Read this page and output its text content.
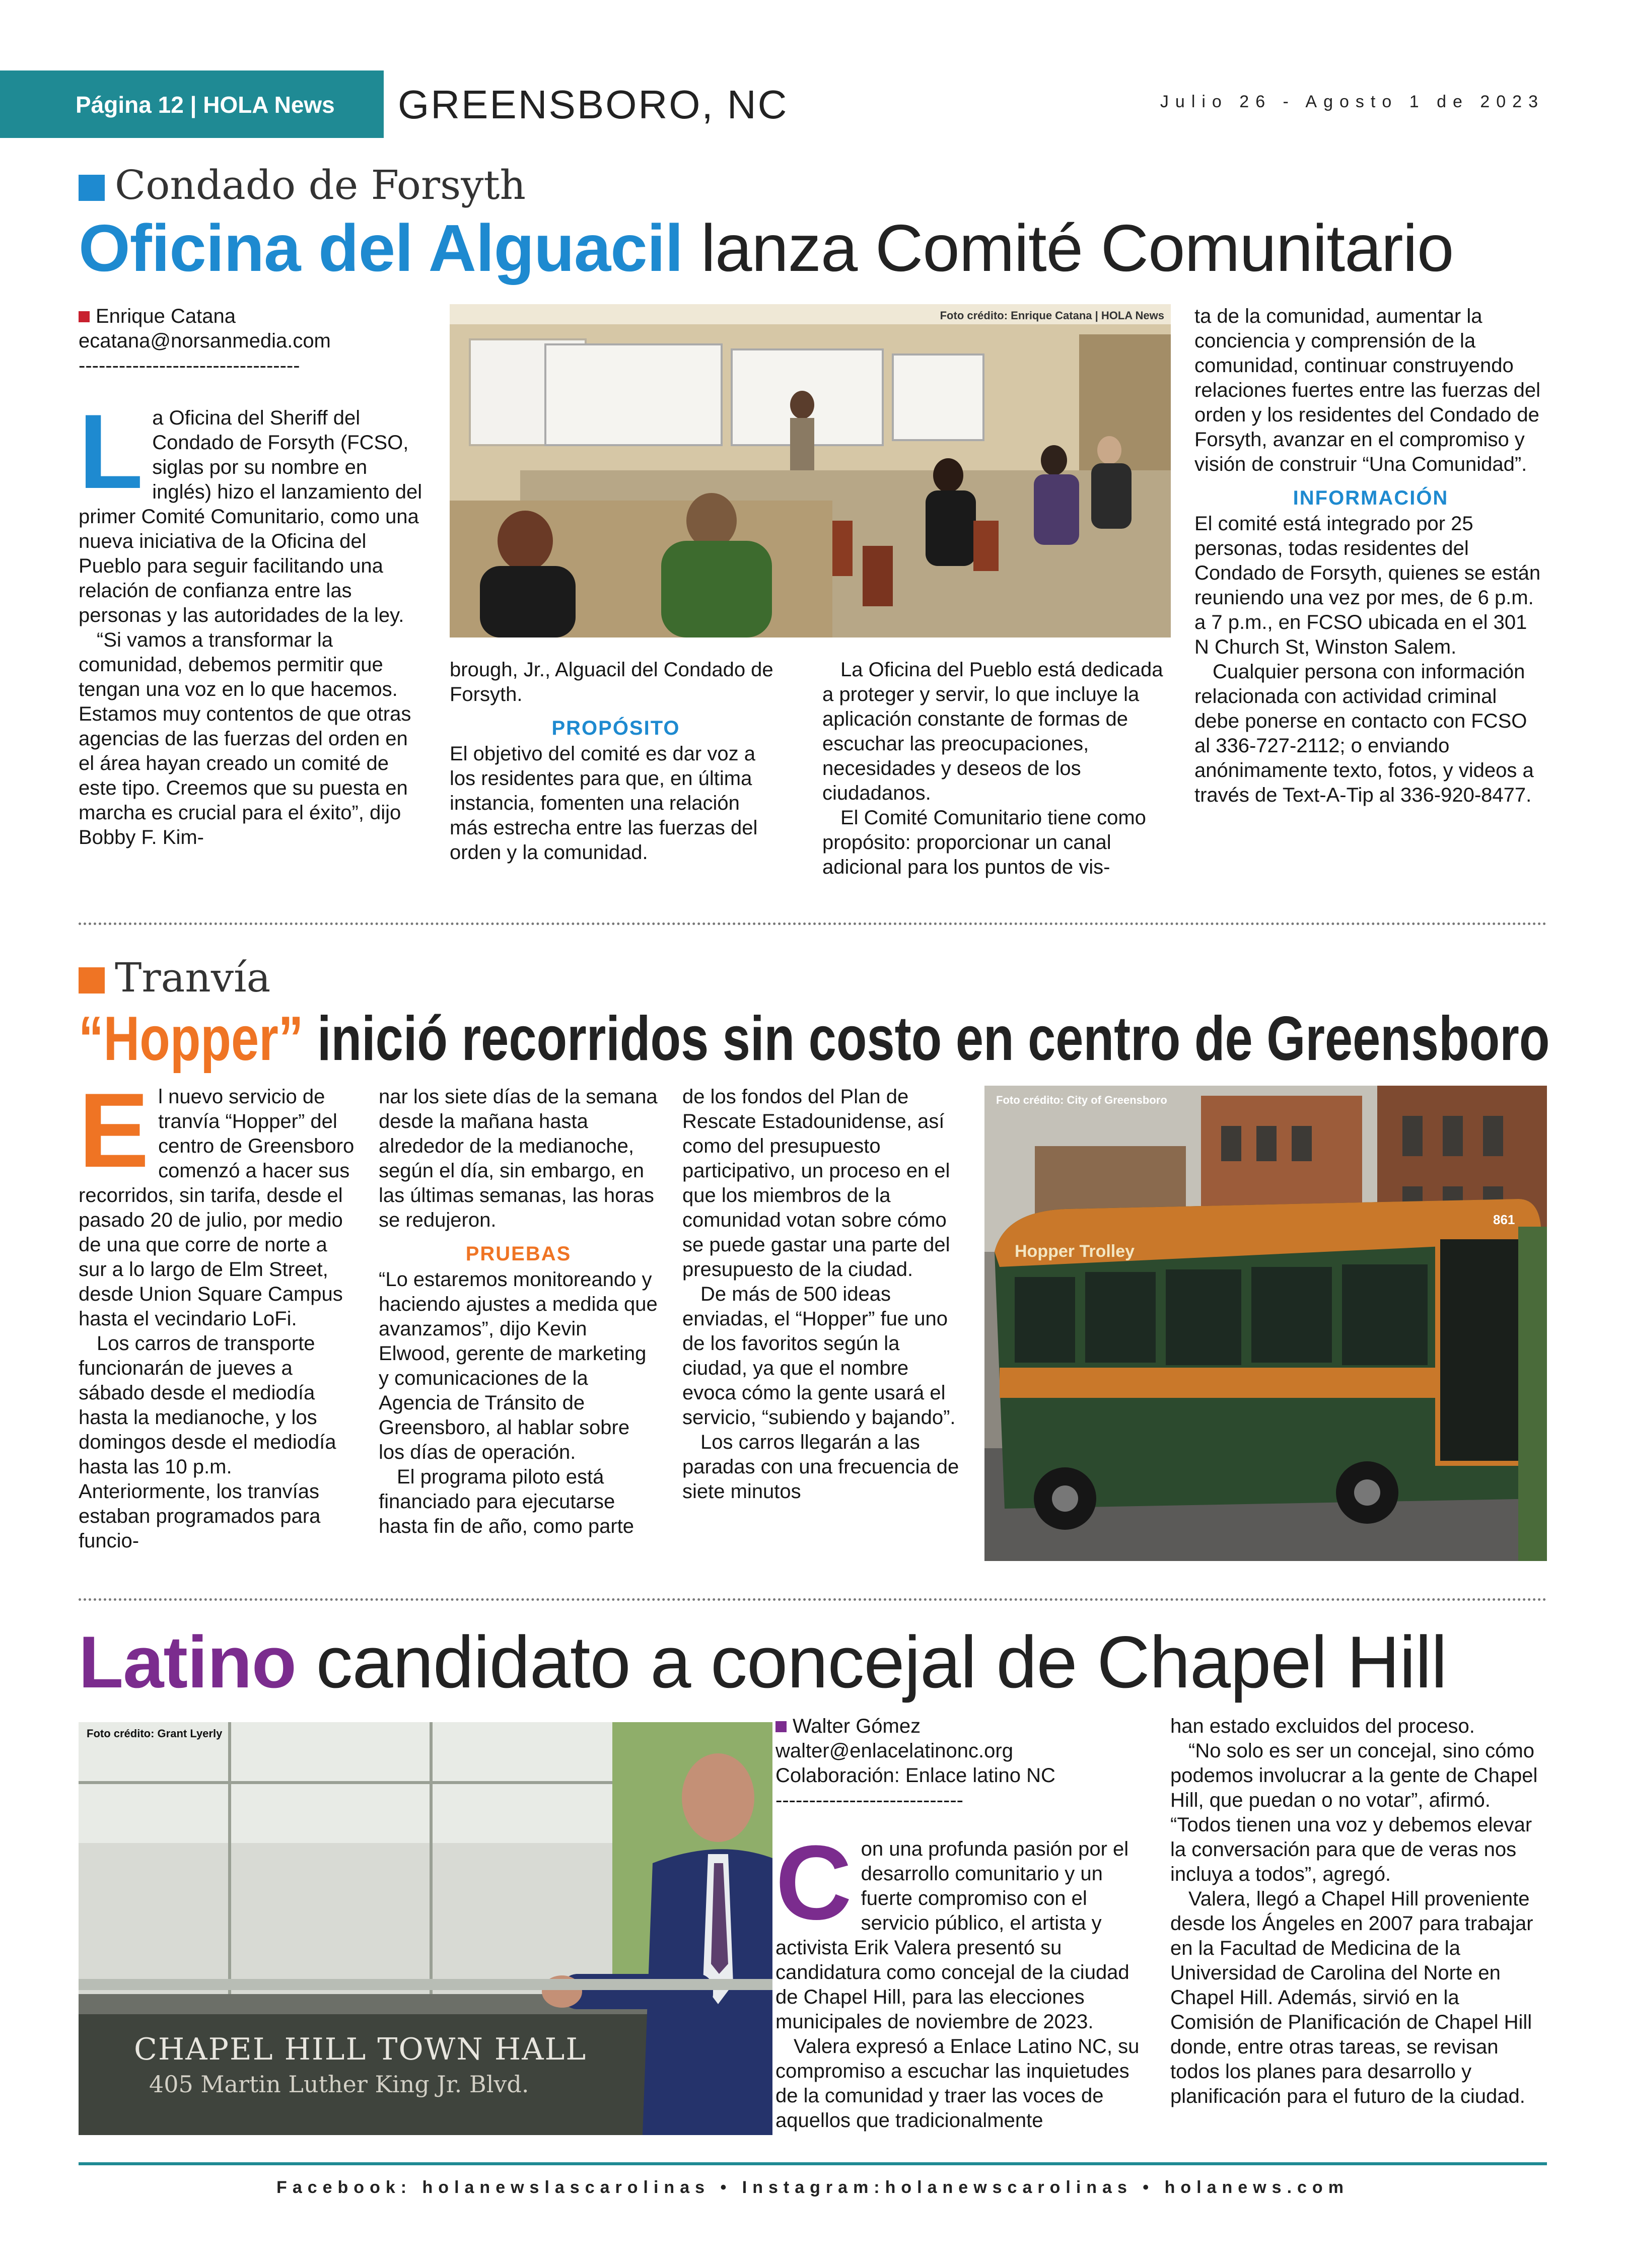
Página 12 | HOLA News GREENSBORO, NC	Julio 26 - Agosto 1 de 2023
Condado de Forsyth
Oficina del Alguacil lanza Comité Comunitario
Enrique Catana
ecatana@norsanmedia.com
---------------------------------
L a Oficina del Sheriff del Condado de Forsyth (FCSO, siglas por su nombre en inglés) hizo el lanzamiento del primer Comité Comunitario, como una nueva iniciativa de la Oficina del Pueblo para seguir facilitando una relación de confianza entre las personas y las autoridades de la ley.

“Si vamos a transformar la comunidad, debemos permitir que tengan una voz en lo que hacemos. Estamos muy contentos de que otras agencias de las fuerzas del orden en el área hayan creado un comité de este tipo. Creemos que su puesta en marcha es crucial para el éxito”, dijo Bobby F. Kim-

Foto crédito: Enrique Catana | HOLA News

brough, Jr., Alguacil del Condado de Forsyth.

PROPÓSITO

El objetivo del comité es dar voz a los residentes para que, en última instancia, fomenten una relación más estrecha entre las fuerzas del orden y la comunidad.

La Oficina del Pueblo está dedicada a proteger y servir, lo que incluye la aplicación constante de formas de escuchar las preocupaciones, necesidades y deseos de los ciudadanos.

El Comité Comunitario tiene como propósito: proporcionar un canal adicional para los puntos de vis-

ta de la comunidad, aumentar la conciencia y comprensión de la comunidad, continuar construyendo relaciones fuertes entre las fuerzas del orden y los residentes del Condado de Forsyth, avanzar en el compromiso y visión de construir “Una Comunidad”.

INFORMACIÓN

El comité está integrado por 25 personas, todas residentes del Condado de Forsyth, quienes se están reuniendo una vez por mes, de 6 p.m. a 7 p.m., en FCSO ubicada en el 301 N Church St, Winston Salem.

Cualquier persona con información relacionada con actividad criminal debe ponerse en contacto con FCSO al 336-727-2112; o enviando anónimamente texto, fotos, y videos a través de Text-A-Tip al 336-920-8477.

Tranvía
“Hopper” inició recorridos sin costo en centro de Greensboro
E l nuevo servicio de tranvía “Hopper” del centro de Greensboro comenzó a hacer sus recorridos, sin tarifa, desde el pasado 20 de julio, por medio de una que corre de norte a sur a lo largo de Elm Street, desde Union Square Campus hasta el vecindario LoFi.

Los carros de transporte funcionarán de jueves a sábado desde el mediodía hasta la medianoche, y los domingos desde el mediodía hasta las 10 p.m. Anteriormente, los tranvías estaban programados para funcio-

nar los siete días de la semana desde la mañana hasta alrededor de la medianoche, según el día, sin embargo, en las últimas semanas, las horas se redujeron.

PRUEBAS

“Lo estaremos monitoreando y haciendo ajustes a medida que avanzamos”, dijo Kevin Elwood, gerente de marketing y comunicaciones de la Agencia de Tránsito de Greensboro, al hablar sobre los días de operación.

El programa piloto está financiado para ejecutarse hasta fin de año, como parte

de los fondos del Plan de Rescate Estadounidense, así como del presupuesto participativo, un proceso en el que los miembros de la comunidad votan sobre cómo se puede gastar una parte del presupuesto de la ciudad.

De más de 500 ideas enviadas, el “Hopper” fue uno de los favoritos según la ciudad, ya que el nombre evoca cómo la gente usará el servicio, “subiendo y bajando”.

Los carros llegarán a las paradas con una frecuencia de siete minutos

Hopper Trolley
861
Foto crédito: City of Greensboro
Latino candidato a concejal de Chapel Hill
CHAPEL HILL TOWN HALL
405 Martin Luther King Jr. Blvd.
Foto crédito: Grant Lyerly	Walter Gómez
walter@enlacelatinonc.org
Colaboración: Enlace latino NC
----------------------------
C on una profunda pasión por el desarrollo comunitario y un fuerte compromiso con el servicio público, el artista y activista Erik Valera presentó su candidatura como concejal de la ciudad de Chapel Hill, para las elecciones municipales de noviembre de 2023.

Valera expresó a Enlace Latino NC, su compromiso a escuchar las inquietudes de la comunidad y traer las voces de aquellos que tradicionalmente

han estado excluidos del proceso.

“No solo es ser un concejal, sino cómo podemos involucrar a la gente de Chapel Hill, que puedan o no votar”, afirmó. “Todos tienen una voz y debemos elevar la conversación para que de veras nos incluya a todos”, agregó.

Valera, llegó a Chapel Hill proveniente desde los Ángeles en 2007 para trabajar en la Facultad de Medicina de la Universidad de Carolina del Norte en Chapel Hill. Además, sirvió en la Comisión de Planificación de Chapel Hill donde, entre otras tareas, se revisan todos los planes para desarrollo y planificación para el futuro de la ciudad.

Facebook: holanewslascarolinas • Instagram:holanewscarolinas • holanews.com
